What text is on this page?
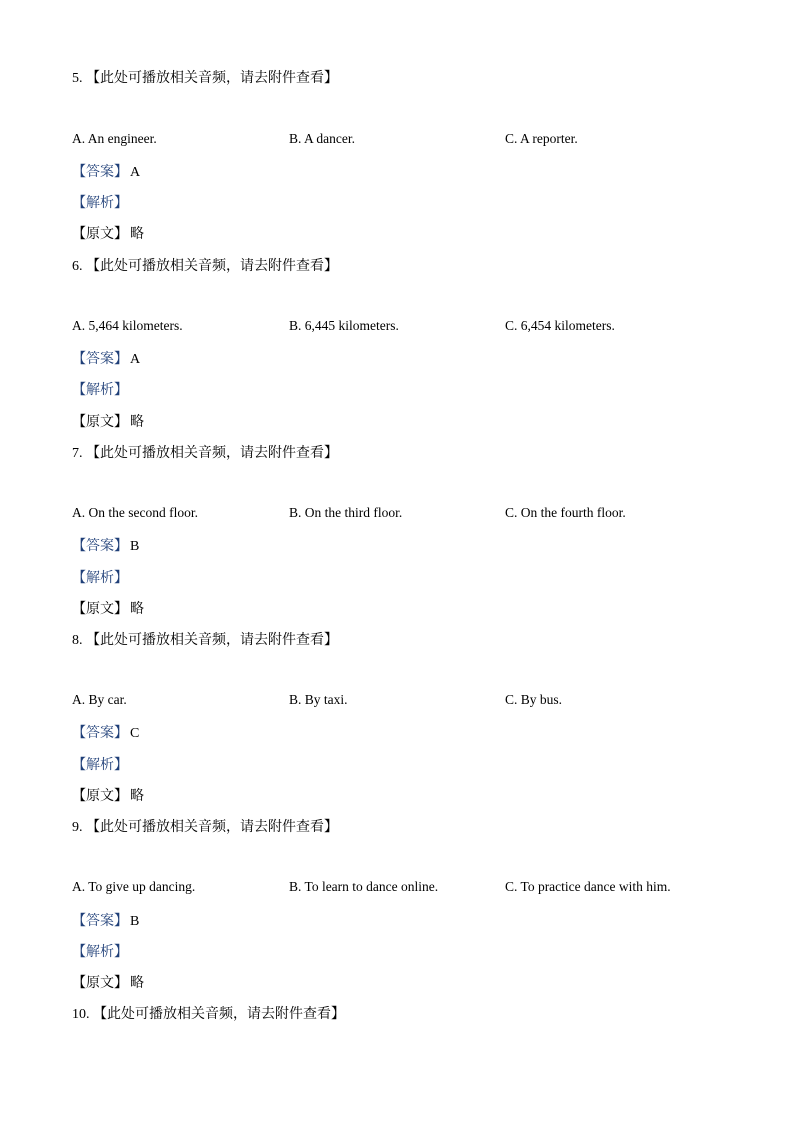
5. 【此处可播放相关音频，请去附件查看】
A. An engineer.	B. A dancer.	C. A reporter.
【答案】 A
【解析】
【原文】 略
6. 【此处可播放相关音频，请去附件查看】
A. 5,464 kilometers.	B. 6,445 kilometers.	C. 6,454 kilometers.
【答案】 A
【解析】
【原文】 略
7. 【此处可播放相关音频，请去附件查看】
A. On the second floor.	B. On the third floor.	C. On the fourth floor.
【答案】 B
【解析】
【原文】 略
8. 【此处可播放相关音频，请去附件查看】
A. By car.	B. By taxi.	C. By bus.
【答案】 C
【解析】
【原文】 略
9. 【此处可播放相关音频，请去附件查看】
A. To give up dancing.	B. To learn to dance online.	C. To practice dance with him.
【答案】 B
【解析】
【原文】 略
10. 【此处可播放相关音频，请去附件查看】
